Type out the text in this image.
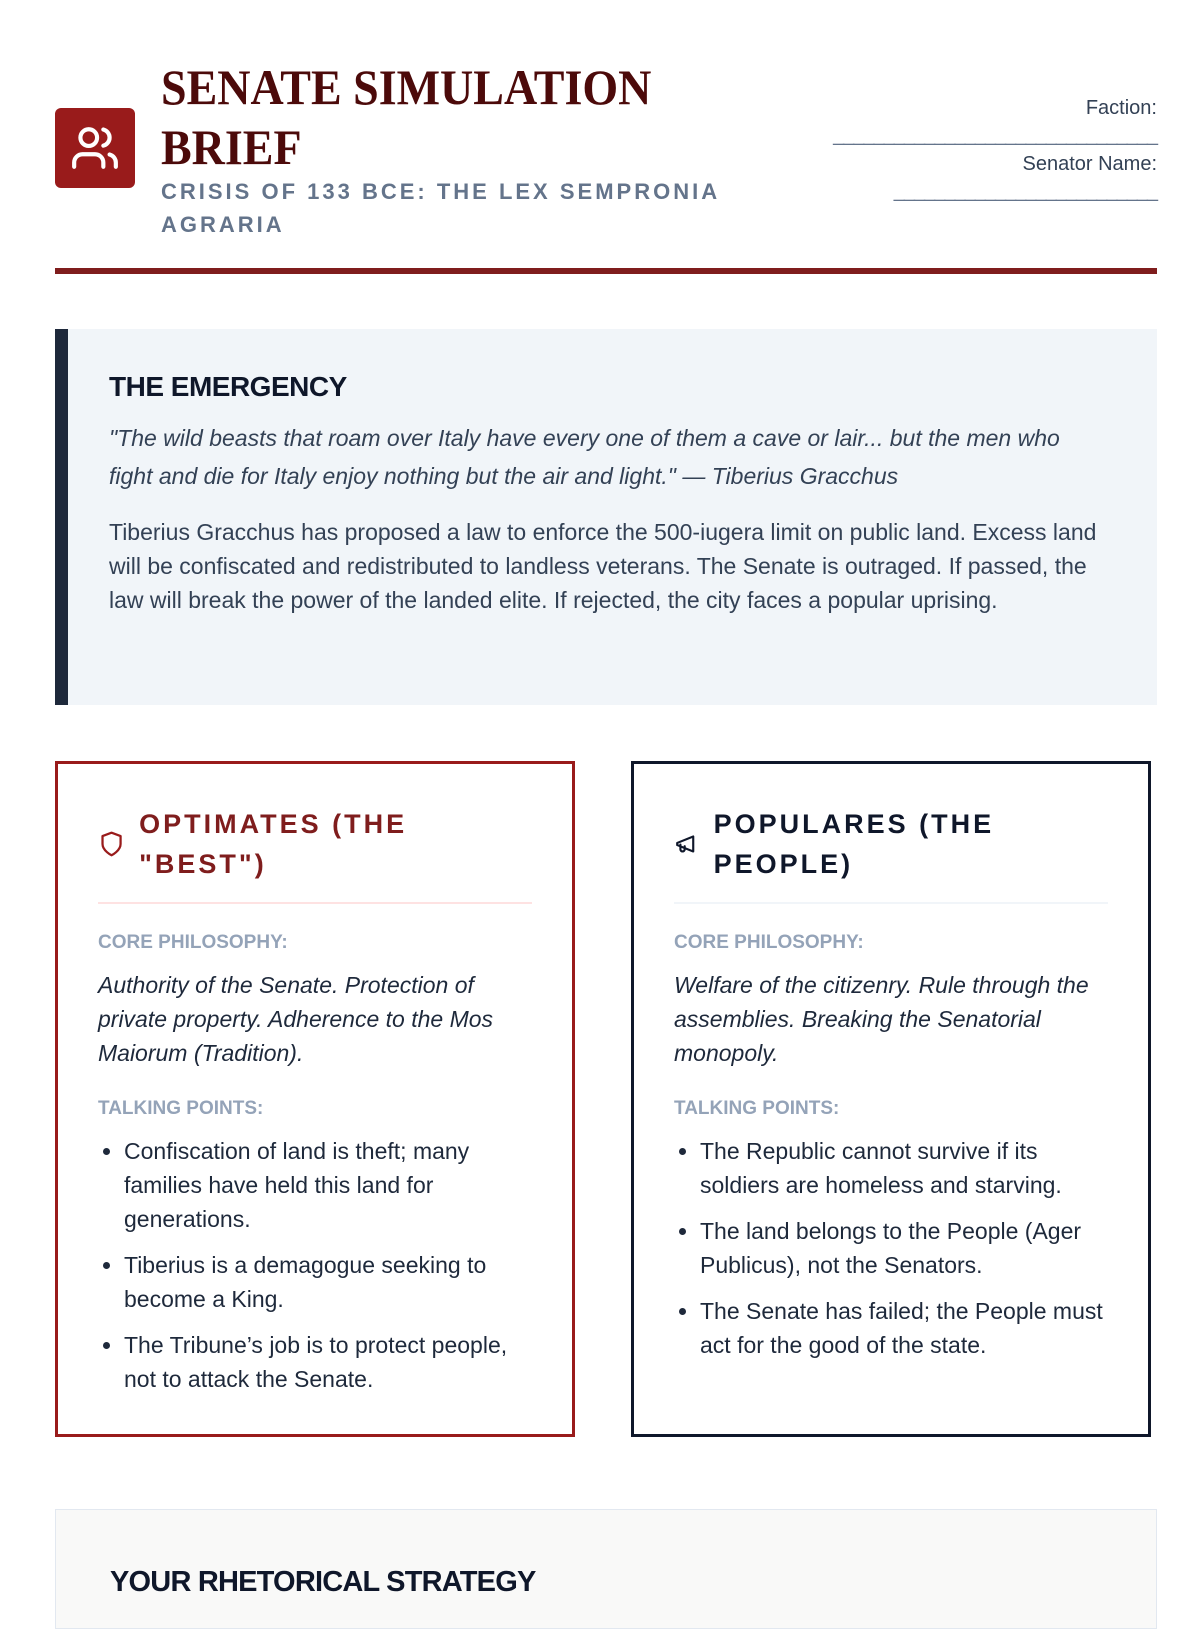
SENATE SIMULATION BRIEF
CRISIS OF 133 BCE: THE LEX SEMPRONIA AGRARIA
Faction:
________________________________
Senator Name:
__________________________
THE EMERGENCY

"The wild beasts that roam over Italy have every one of them a cave or lair... but the men who fight and die for Italy enjoy nothing but the air and light." — Tiberius Gracchus

Tiberius Gracchus has proposed a law to enforce the 500-iugera limit on public land. Excess land will be confiscated and redistributed to landless veterans. The Senate is outraged. If passed, the law will break the power of the landed elite. If rejected, the city faces a popular uprising.

OPTIMATES (THE "BEST")
CORE PHILOSOPHY:

Authority of the Senate. Protection of private property. Adherence to the Mos Maiorum (Tradition).

TALKING POINTS:
• Confiscation of land is theft; many families have held this land for generations.
• Tiberius is a demagogue seeking to become a King.
• The Tribune’s job is to protect people, not to attack the Senate.
POPULARES (THE PEOPLE)
CORE PHILOSOPHY:

Welfare of the citizenry. Rule through the assemblies. Breaking the Senatorial monopoly.

TALKING POINTS:
• The Republic cannot survive if its soldiers are homeless and starving.
• The land belongs to the People (Ager Publicus), not the Senators.
• The Senate has failed; the People must act for the good of the state.
YOUR RHETORICAL STRATEGY
